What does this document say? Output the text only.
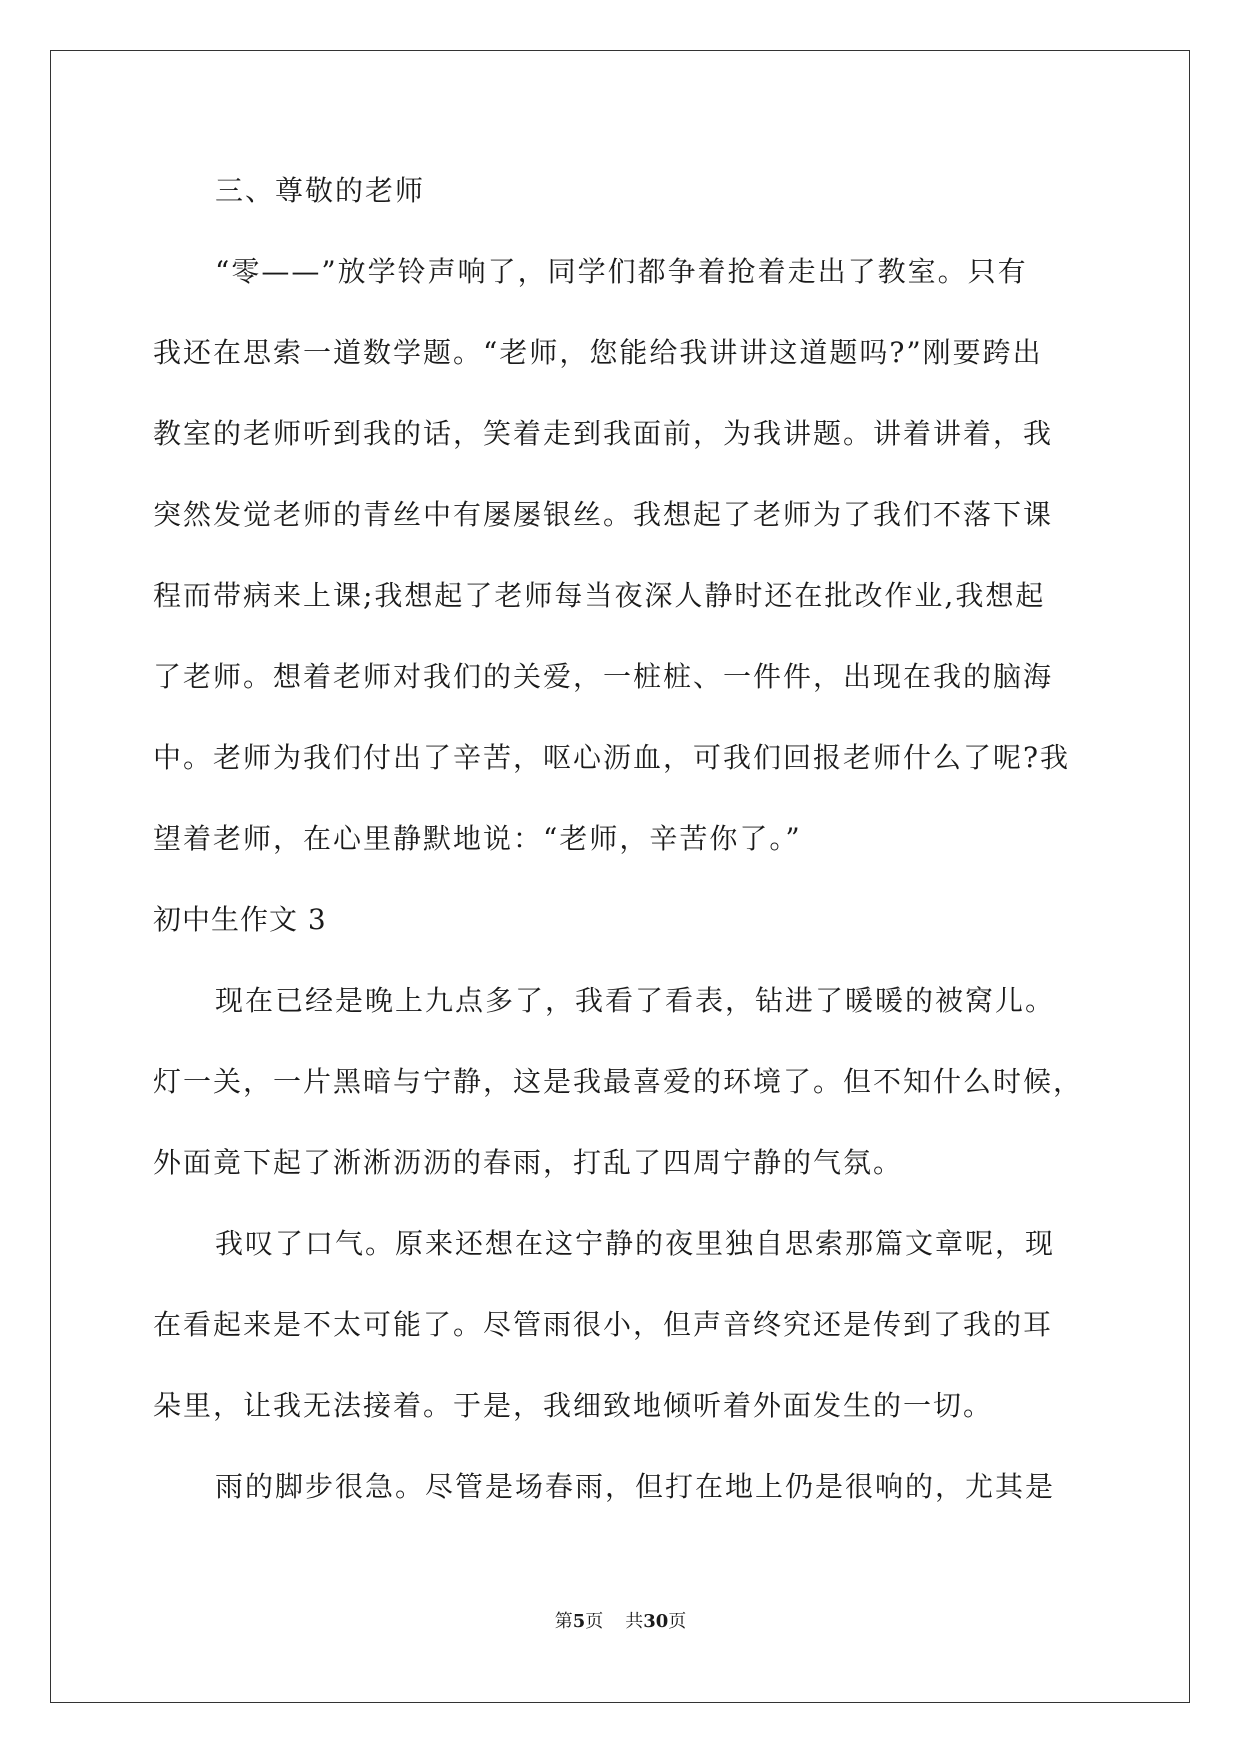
三、尊敬的老师
“零——”放学铃声响了，同学们都争着抢着走出了教室。只有
我还在思索一道数学题。“老师，您能给我讲讲这道题吗?”刚要跨出
教室的老师听到我的话，笑着走到我面前，为我讲题。讲着讲着，我
突然发觉老师的青丝中有屡屡银丝。我想起了老师为了我们不落下课
程而带病来上课;我想起了老师每当夜深人静时还在批改作业,我想起
了老师。想着老师对我们的关爱，一桩桩、一件件，出现在我的脑海
中。老师为我们付出了辛苦，呕心沥血，可我们回报老师什么了呢?我
望着老师，在心里静默地说：“老师，辛苦你了。”
初中生作文 3
现在已经是晚上九点多了，我看了看表，钻进了暖暖的被窝儿。
灯一关，一片黑暗与宁静，这是我最喜爱的环境了。但不知什么时候，
外面竟下起了淅淅沥沥的春雨，打乱了四周宁静的气氛。
我叹了口气。原来还想在这宁静的夜里独自思索那篇文章呢，现
在看起来是不太可能了。尽管雨很小，但声音终究还是传到了我的耳
朵里，让我无法接着。于是，我细致地倾听着外面发生的一切。
雨的脚步很急。尽管是场春雨，但打在地上仍是很响的，尤其是
第5页 共30页
